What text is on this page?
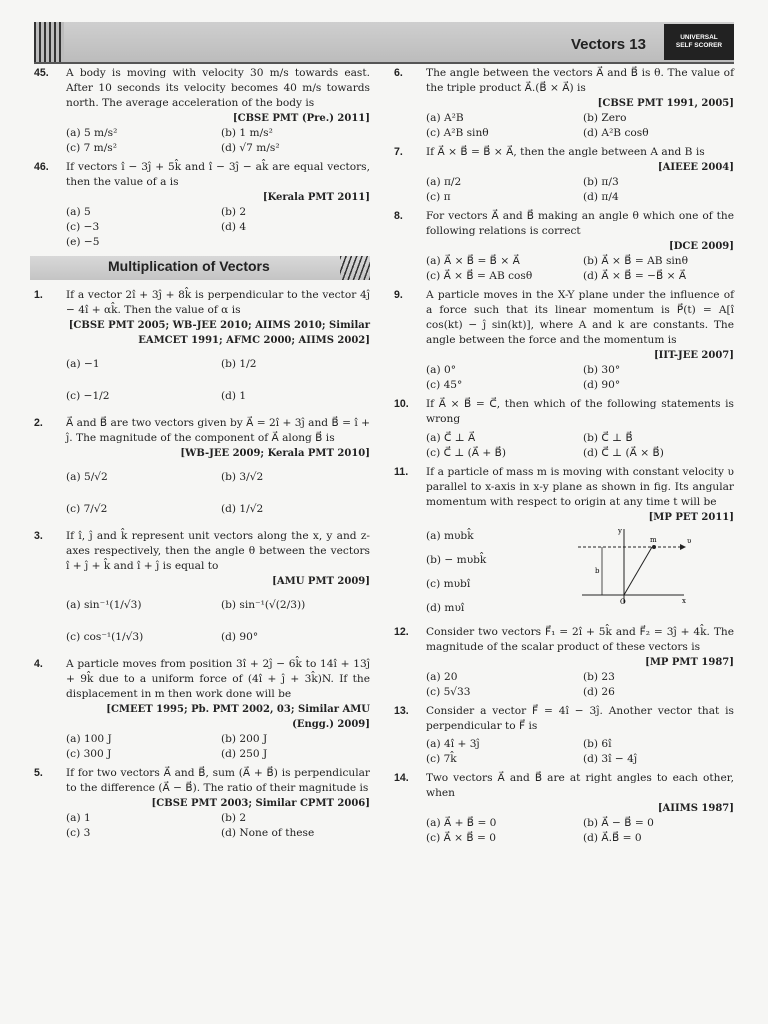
Vectors 13	UNIVERSAL
SELF SCORER
45. A body is moving with velocity 30 m/s towards east. After 10 seconds its velocity becomes 40 m/s towards north. The average acceleration of the body is
[CBSE PMT (Pre.) 2011]
(a) 5 m/s²	(b) 1 m/s²
(c) 7 m/s²	(d) √7 m/s²
46. If vectors î − 3ĵ + 5k̂ and î − 3ĵ − ak̂ are equal vectors, then the value of a is
[Kerala PMT 2011]
(a) 5	(b) 2
(c) −3	(d) 4
(e) −5
Multiplication of Vectors
1. If a vector 2î + 3ĵ + 8k̂ is perpendicular to the vector 4ĵ − 4î + αk̂. Then the value of α is
[CBSE PMT 2005; WB-JEE 2010; AIIMS 2010; Similar EAMCET 1991; AFMC 2000; AIIMS 2002]
(a) −1	(b) 1/2
(c) −1/2	(d) 1
2. A⃗ and B⃗ are two vectors given by A⃗ = 2î + 3ĵ and B⃗ = î + ĵ. The magnitude of the component of A⃗ along B⃗ is
[WB-JEE 2009; Kerala PMT 2010]
(a) 5/√2	(b) 3/√2
(c) 7/√2	(d) 1/√2
3. If î, ĵ and k̂ represent unit vectors along the x, y and z-axes respectively, then the angle θ between the vectors î + ĵ + k̂ and î + ĵ is equal to
[AMU PMT 2009]
(a) sin⁻¹(1/√3)	(b) sin⁻¹(√(2/3))
(c) cos⁻¹(1/√3)	(d) 90°
4. A particle moves from position 3î + 2ĵ − 6k̂ to 14î + 13ĵ + 9k̂ due to a uniform force of (4î + ĵ + 3k̂)N. If the displacement in m then work done will be
[CMEET 1995; Pb. PMT 2002, 03; Similar AMU (Engg.) 2009]
(a) 100 J	(b) 200 J
(c) 300 J	(d) 250 J
5. If for two vectors A⃗ and B⃗, sum (A⃗ + B⃗) is perpendicular to the difference (A⃗ − B⃗). The ratio of their magnitude is
[CBSE PMT 2003; Similar CPMT 2006]
(a) 1	(b) 2
(c) 3	(d) None of these
6. The angle between the vectors A⃗ and B⃗ is θ. The value of the triple product A⃗.(B⃗ × A⃗) is
[CBSE PMT 1991, 2005]
(a) A²B	(b) Zero
(c) A²B sinθ	(d) A²B cosθ
7. If A⃗ × B⃗ = B⃗ × A⃗, then the angle between A and B is
[AIEEE 2004]
(a) π/2	(b) π/3
(c) π	(d) π/4
8. For vectors A⃗ and B⃗ making an angle θ which one of the following relations is correct
[DCE 2009]
(a) A⃗ × B⃗ = B⃗ × A⃗	(b) A⃗ × B⃗ = AB sinθ
(c) A⃗ × B⃗ = AB cosθ	(d) A⃗ × B⃗ = −B⃗ × A⃗
9. A particle moves in the X-Y plane under the influence of a force such that its linear momentum is P⃗(t) = A[î cos(kt) − ĵ sin(kt)], where A and k are constants. The angle between the force and the momentum is
[IIT-JEE 2007]
(a) 0°	(b) 30°
(c) 45°	(d) 90°
10. If A⃗ × B⃗ = C⃗, then which of the following statements is wrong
(a) C⃗ ⊥ A⃗	(b) C⃗ ⊥ B⃗
(c) C⃗ ⊥ (A⃗ + B⃗)	(d) C⃗ ⊥ (A⃗ × B⃗)
11. If a particle of mass m is moving with constant velocity υ parallel to x-axis in x-y plane as shown in fig. Its angular momentum with respect to origin at any time t will be
[MP PET 2011]
(a) mυbk̂
(b) − mυbk̂
(c) mυbî
(d) mυî
y
x
m	υ
b
O
12. Consider two vectors F⃗₁ = 2î + 5k̂ and F⃗₂ = 3ĵ + 4k̂. The magnitude of the scalar product of these vectors is
[MP PMT 1987]
(a) 20	(b) 23
(c) 5√33	(d) 26
13. Consider a vector F⃗ = 4î − 3ĵ. Another vector that is perpendicular to F⃗ is
(a) 4î + 3ĵ	(b) 6î
(c) 7k̂	(d) 3î − 4ĵ
14. Two vectors A⃗ and B⃗ are at right angles to each other, when
[AIIMS 1987]
(a) A⃗ + B⃗ = 0	(b) A⃗ − B⃗ = 0
(c) A⃗ × B⃗ = 0	(d) A⃗.B⃗ = 0
